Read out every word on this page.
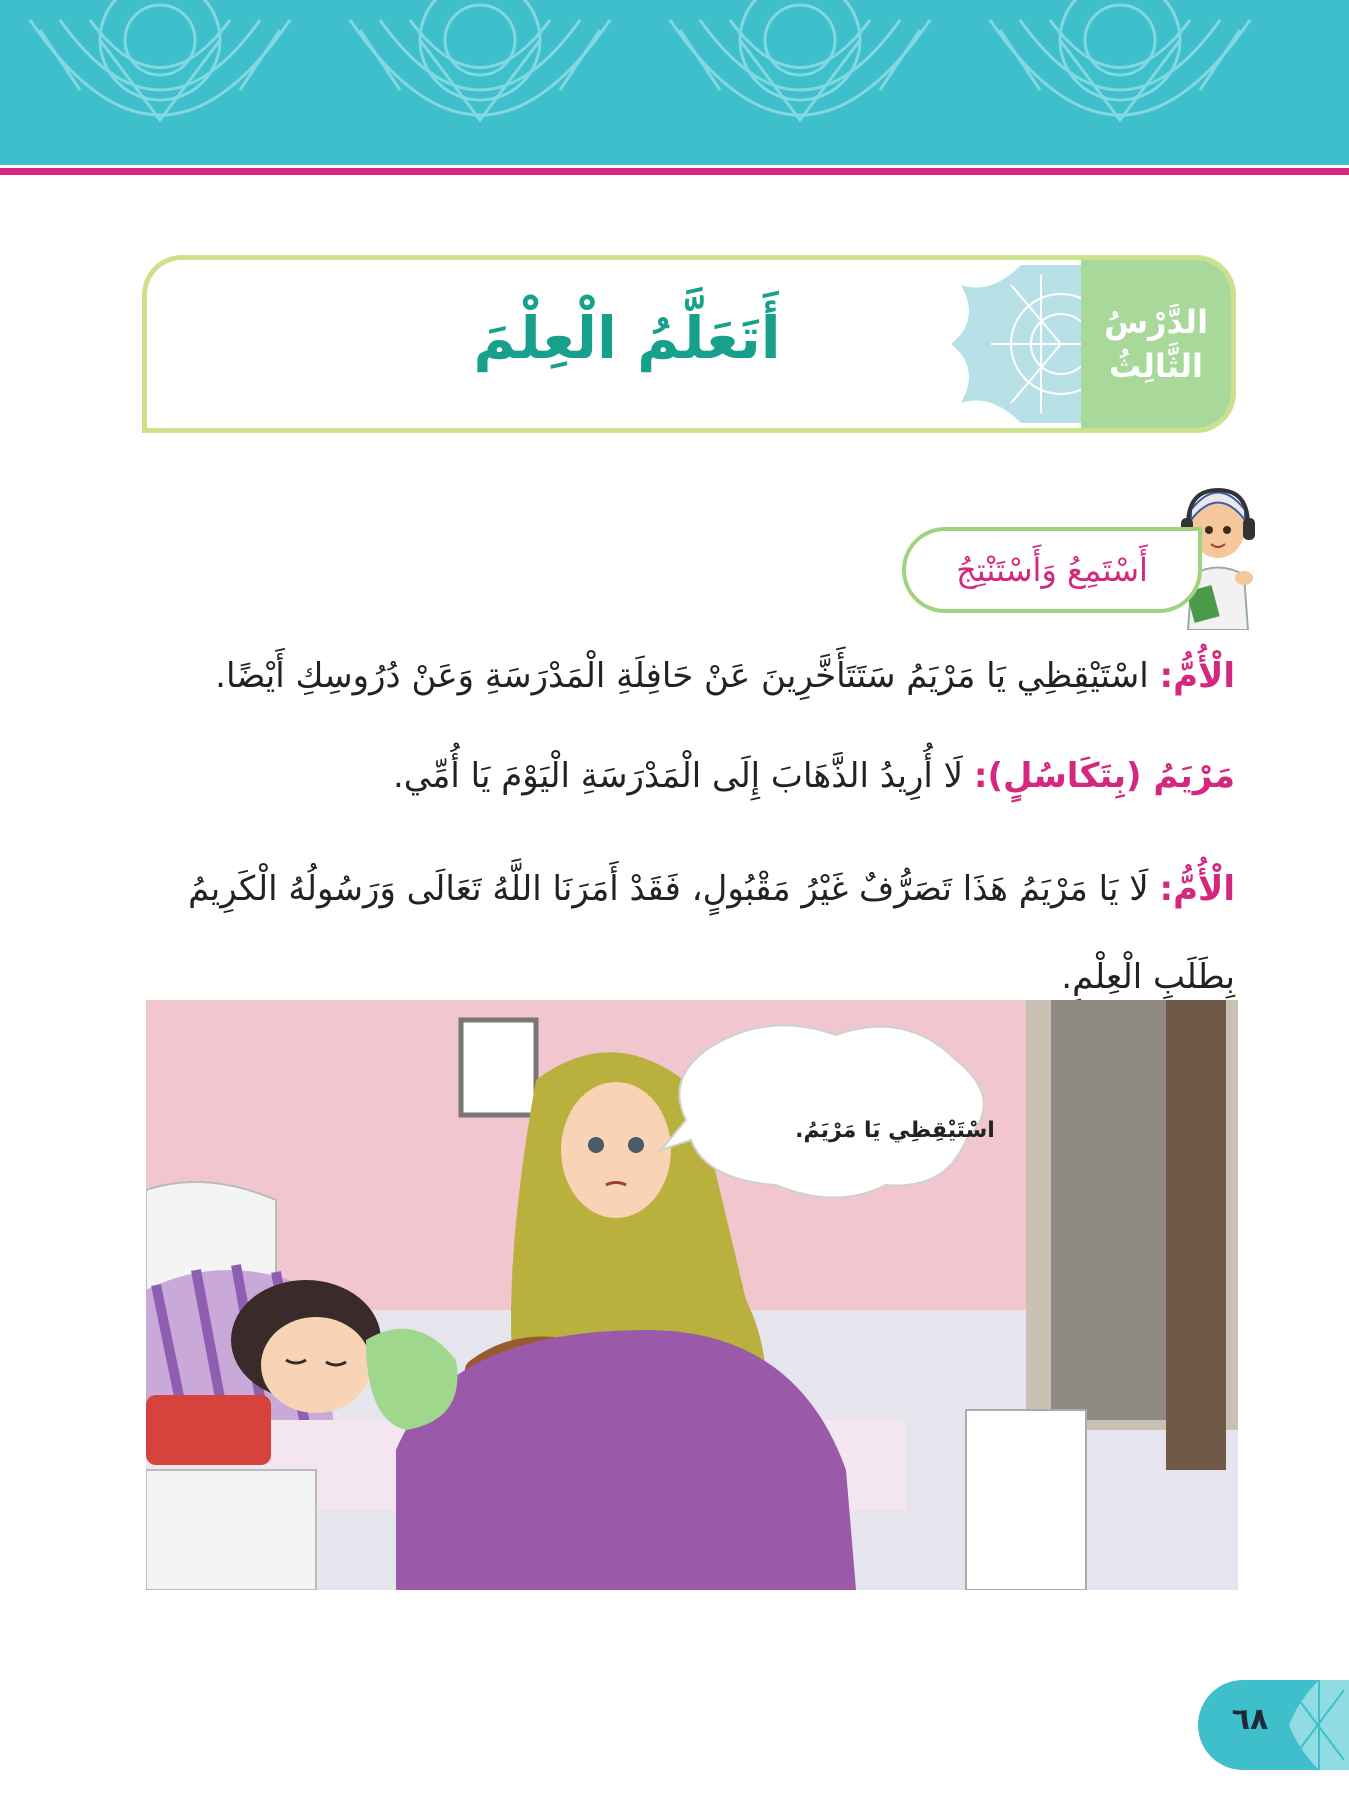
الدَّرْسُ
الثَّالِثُ
أَتَعَلَّمُ الْعِلْمَ
أَسْتَمِعُ وَأَسْتَنْتِجُ
الْأُمُّ: اسْتَيْقِظِي يَا مَرْيَمُ سَتَتَأَخَّرِينَ عَنْ حَافِلَةِ الْمَدْرَسَةِ وَعَنْ دُرُوسِكِ أَيْضًا.
مَرْيَمُ (بِتَكَاسُلٍ): لَا أُرِيدُ الذَّهَابَ إِلَى الْمَدْرَسَةِ الْيَوْمَ يَا أُمِّي.
الْأُمُّ: لَا يَا مَرْيَمُ هَذَا تَصَرُّفٌ غَيْرُ مَقْبُولٍ، فَقَدْ أَمَرَنَا اللَّهُ تَعَالَى وَرَسُولُهُ الْكَرِيمُ بِطَلَبِ الْعِلْمِ.
اسْتَيْقِظِي يَا مَرْيَمُ.
٦٨
